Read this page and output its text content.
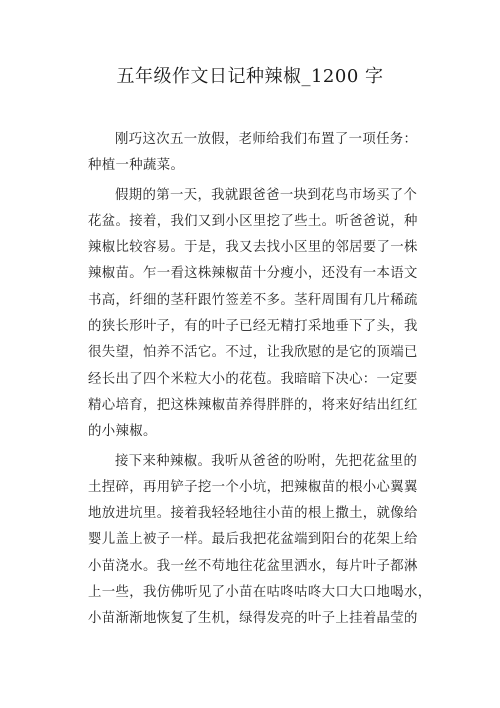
五年级作文日记种辣椒_1200 字

刚巧这次五一放假，老师给我们布置了一项任务：
种植一种蔬菜。

假期的第一天，我就跟爸爸一块到花鸟市场买了个
花盆。接着，我们又到小区里挖了些土。听爸爸说，种
辣椒比较容易。于是，我又去找小区里的邻居要了一株
辣椒苗。乍一看这株辣椒苗十分瘦小，还没有一本语文
书高，纤细的茎秆跟竹签差不多。茎秆周围有几片稀疏
的狭长形叶子，有的叶子已经无精打采地垂下了头，我
很失望，怕养不活它。不过，让我欣慰的是它的顶端已
经长出了四个米粒大小的花苞。我暗暗下决心：一定要
精心培育，把这株辣椒苗养得胖胖的，将来好结出红红
的小辣椒。

接下来种辣椒。我听从爸爸的吩咐，先把花盆里的
土捏碎，再用铲子挖一个小坑，把辣椒苗的根小心翼翼
地放进坑里。接着我轻轻地往小苗的根上撒土，就像给
婴儿盖上被子一样。最后我把花盆端到阳台的花架上给
小苗浇水。我一丝不苟地往花盆里洒水，每片叶子都淋
上一些，我仿佛听见了小苗在咕咚咕咚大口大口地喝水，
小苗渐渐地恢复了生机，绿得发亮的叶子上挂着晶莹的
